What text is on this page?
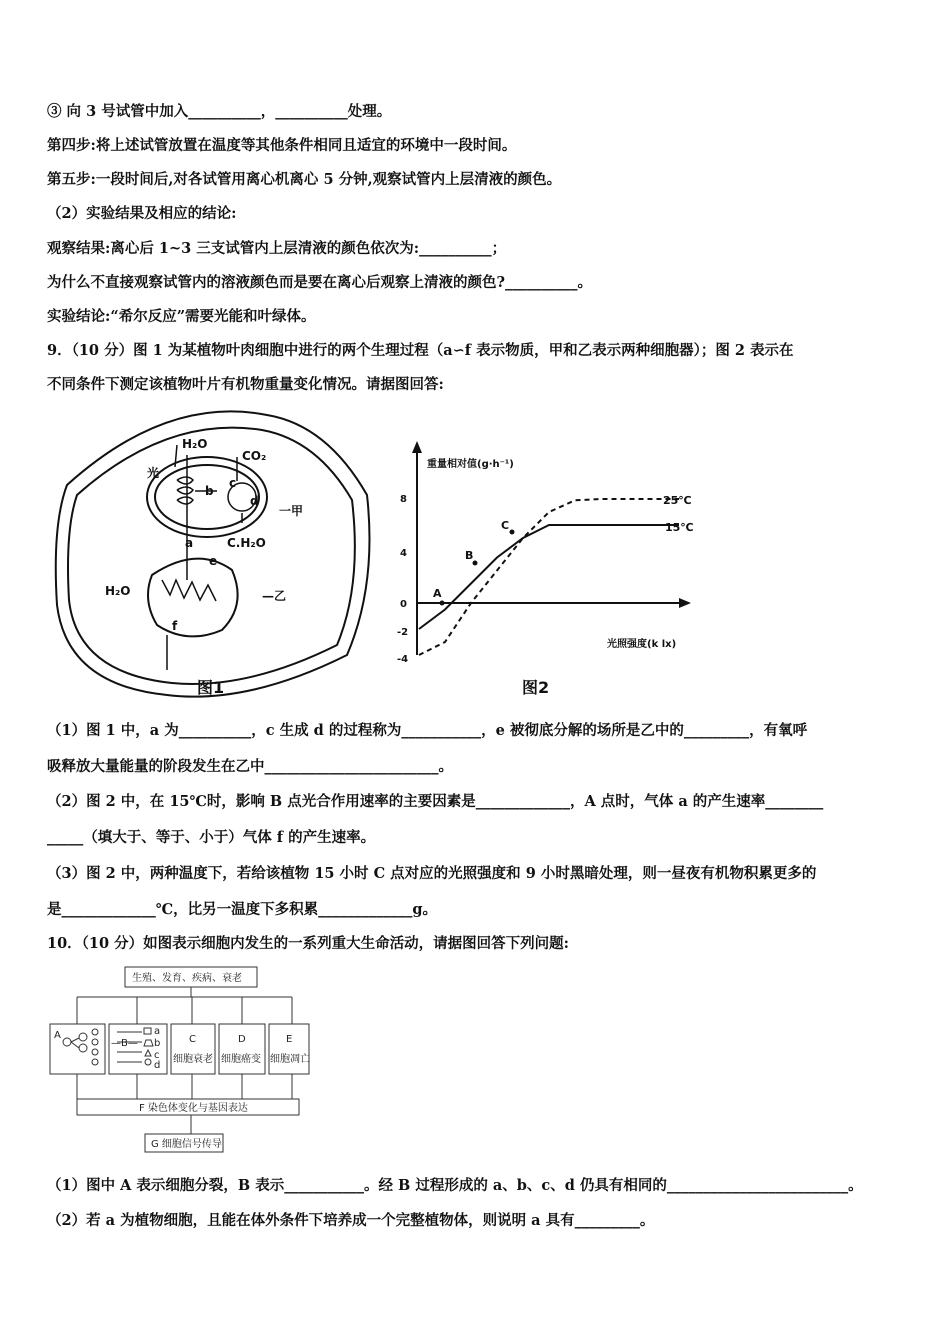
③ 向 3 号试管中加入__________，__________处理。
第四步:将上述试管放置在温度等其他条件相同且适宜的环境中一段时间。
第五步:一段时间后,对各试管用离心机离心 5 分钟,观察试管内上层清液的颜色。
（2）实验结果及相应的结论:
观察结果:离心后 1~3 三支试管内上层清液的颜色依次为:__________；
为什么不直接观察试管内的溶液颜色而是要在离心后观察上清液的颜色?__________。
实验结论:“希尔反应”需要光能和叶绿体。
9．（10 分）图 1 为某植物叶肉细胞中进行的两个生理过程（a∽f 表示物质，甲和乙表示两种细胞器）；图 2 表示在
不同条件下测定该植物叶片有机物重量变化情况。请据图回答:
光
H₂O
CO₂
b
c
d
一甲
a	C.H₂O
e
H₂O	—乙
f
图1
重量相对值(g·h⁻¹)
光照强度(k lx)
8
4
0
-2
-4
A
B
C
25℃
15℃
图2
（1）图 1 中，a 为__________，c 生成 d 的过程称为___________，e 被彻底分解的场所是乙中的_________，有氧呼
吸释放大量能量的阶段发生在乙中________________________。
（2）图 2 中，在 15℃时，影响 B 点光合作用速率的主要因素是_____________，A 点时，气体 a 的产生速率________
_____（填大于、等于、小于）气体 f 的产生速率。
（3）图 2 中，两种温度下，若给该植物 15 小时 C 点对应的光照强度和 9 小时黑暗处理，则一昼夜有机物积累更多的
是_____________℃，比另一温度下多积累_____________g。
10．（10 分）如图表示细胞内发生的一系列重大生命活动，请据图回答下列问题:
生殖、发育、疾病、衰老
A
—B—
a
b
c
d
C
细胞衰老
D
细胞癌变
E
细胞凋亡
F 染色体变化与基因表达
G 细胞信号传导
（1）图中 A 表示细胞分裂，B 表示___________。经 B 过程形成的 a、b、c、d 仍具有相同的_________________________。
（2）若 a 为植物细胞，且能在体外条件下培养成一个完整植物体，则说明 a 具有_________。
